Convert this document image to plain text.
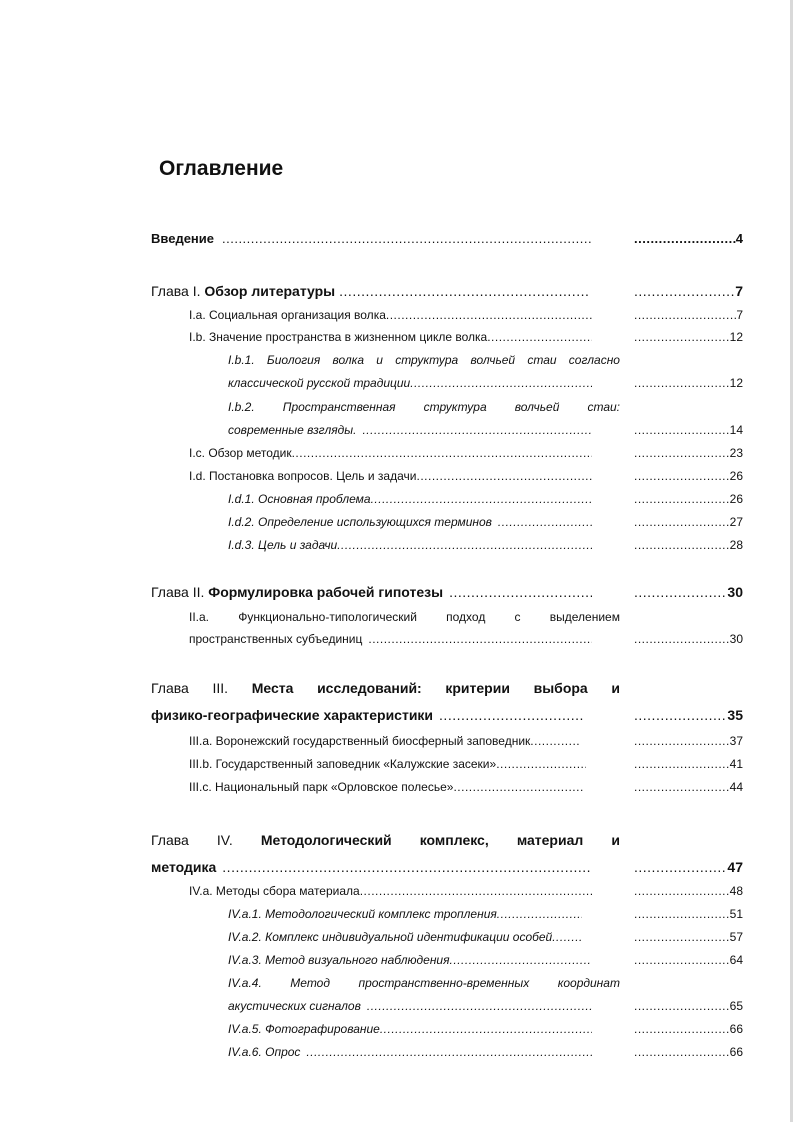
Оглавление
Введение ..... .....	4
Глава I. Обзор литературы ..... .....	7
I.a. Социальная организация волка ..... .....	7
I.b. Значение пространства в жизненном цикле волка ..... .....	12
I.b.1. Биология волка и структура волчьей стаи согласно
классической русской традиции ..... .....	12
I.b.2. Пространственная структура волчьей стаи:
современные взгляды. ..... .....	14
I.c. Обзор методик ..... .....	23
I.d. Постановка вопросов. Цель и задачи ..... .....	26
I.d.1. Основная проблема ..... .....	26
I.d.2. Определение использующихся терминов ..... .....	27
I.d.3. Цель и задачи ..... .....	28
Глава II. Формулировка рабочей гипотезы ..... .....	30
II.a. Функционально-типологический подход с выделением
пространственных субъединиц ..... .....	30
Глава III. Места исследований: критерии выбора и
физико-географические характеристики ..... .....	35
III.a. Воронежский государственный биосферный заповедник ..... .....	37
III.b. Государственный заповедник «Калужские засеки» ..... .....	41
III.c. Национальный парк «Орловское полесье» ..... .....	44
Глава IV. Методологический комплекс, материал и
методика ..... .....	47
IV.a. Методы сбора материала ..... .....	48
IV.a.1. Методологический комплекс тропления ..... .....	51
IV.a.2. Комплекс индивидуальной идентификации особей ..... .....	57
IV.a.3. Метод визуального наблюдения ..... .....	64
IV.a.4. Метод пространственно-временных координат
акустических сигналов ..... .....	65
IV.a.5. Фотографирование ..... .....	66
IV.a.6. Опрос ..... .....	66
